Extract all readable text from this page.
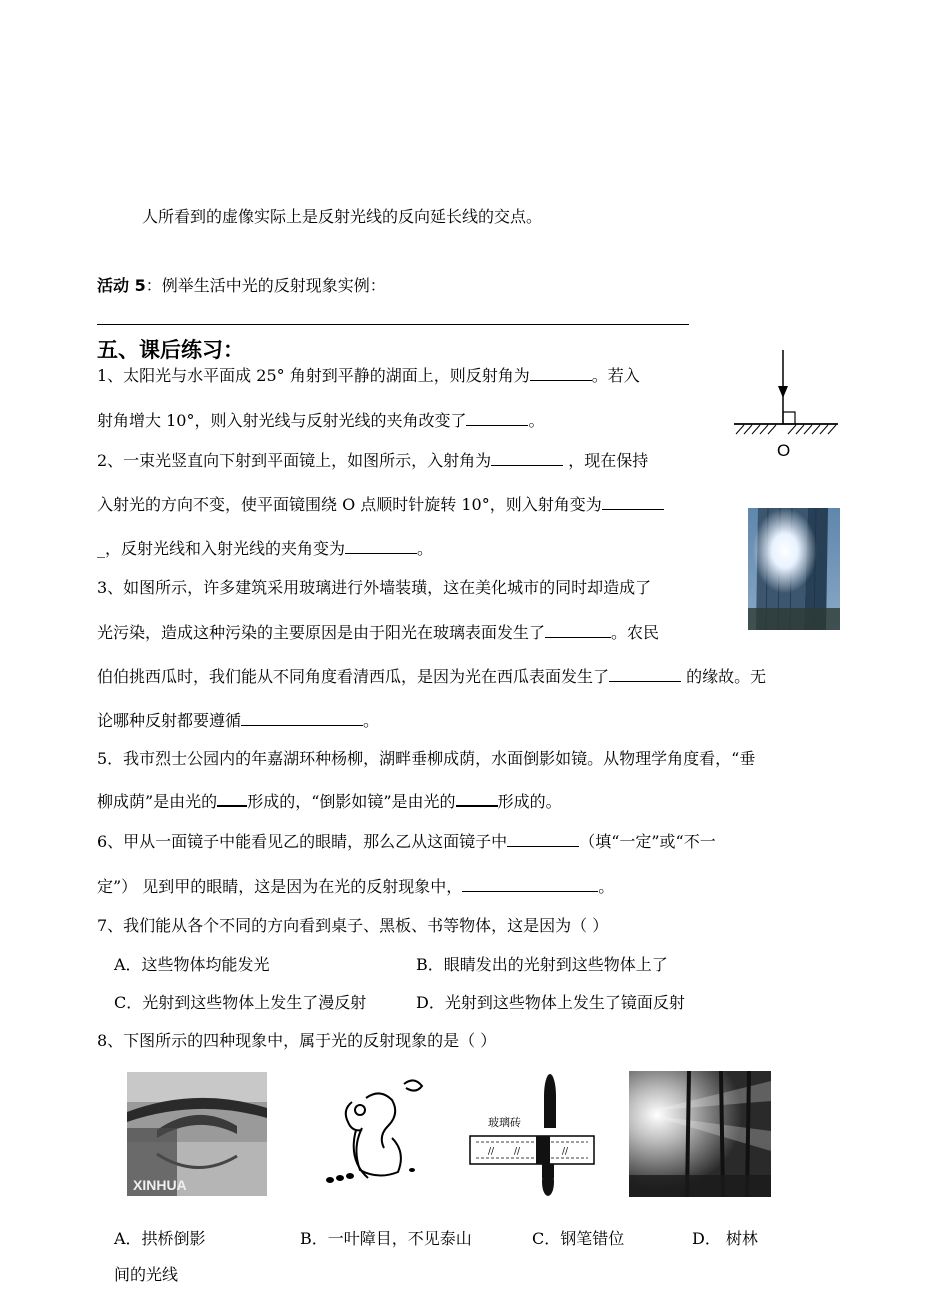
人所看到的虚像实际上是反射光线的反向延长线的交点。
活动 5：例举生活中光的反射现象实例：
五、课后练习：
1、太阳光与水平面成 25° 角射到平静的湖面上，则反射角为	。若入
射角增大 10°，则入射光线与反射光线的夹角改变了	。
O
2、一束光竖直向下射到平面镜上，如图所示，入射角为	，现在保持
入射光的方向不变，使平面镜围绕 O 点顺时针旋转 10°，则入射角变为
_，反射光线和入射光线的夹角变为	。
3、如图所示，许多建筑采用玻璃进行外墙装璜，这在美化城市的同时却造成了
光污染，造成这种污染的主要原因是由于阳光在玻璃表面发生了	。农民
伯伯挑西瓜时，我们能从不同角度看清西瓜，是因为光在西瓜表面发生了	的缘故。无
论哪种反射都要遵循	。
5．我市烈士公园内的年嘉湖环种杨柳，湖畔垂柳成荫，水面倒影如镜。从物理学角度看，“垂
柳成荫”是由光的 形成的，“倒影如镜”是由光的	形成的。
6、甲从一面镜子中能看见乙的眼睛，那么乙从这面镜子中	（填“一定”或“不一
定”） 见到甲的眼睛，这是因为在光的反射现象中，	。
7、我们能从各个不同的方向看到桌子、黑板、书等物体，这是因为（ ）
A．这些物体均能发光	B．眼睛发出的光射到这些物体上了
C．光射到这些物体上发生了漫反射	D．光射到这些物体上发生了镜面反射
8、下图所示的四种现象中，属于光的反射现象的是（ ）
XINHUA
// //	//
玻璃砖
A．拱桥倒影	B．一叶障目，不见泰山	C．钢笔错位	D． 树林
间的光线
